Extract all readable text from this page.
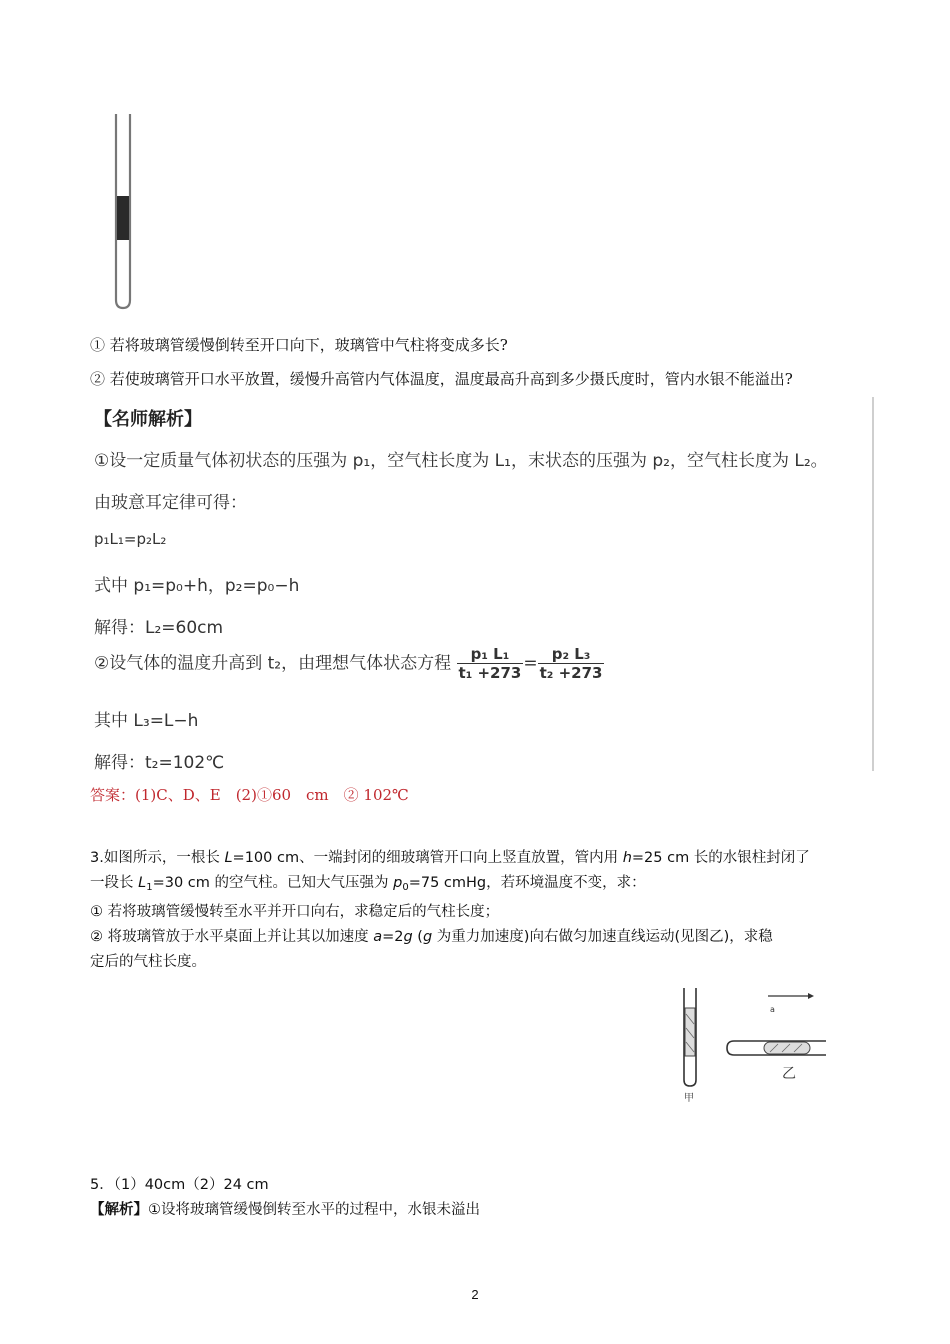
① 若将玻璃管缓慢倒转至开口向下，玻璃管中气柱将变成多长?
② 若使玻璃管开口水平放置，缓慢升高管内气体温度，温度最高升高到多少摄氏度时，管内水银不能溢出?
【名师解析】
①设一定质量气体初状态的压强为 p₁，空气柱长度为 L₁，末状态的压强为 p₂，空气柱长度为 L₂。
由玻意耳定律可得：
p₁L₁=p₂L₂
式中 p₁=p₀+h，p₂=p₀−h
解得：L₂=60cm
②设气体的温度升高到 t₂，由理想气体状态方程 $\frac{\text{p₁ L₁}}{\text{t₁ +273}} = \frac{\text{p₂ L₃}}{\text{t₂ +273}}$
其中 L₃=L−h
解得：t₂=102℃
答案：(1)C、D、E　(2)①60　cm　② 102℃
3.如图所示，一根长 L=100 cm、一端封闭的细玻璃管开口向上竖直放置，管内用 h=25 cm 长的水银柱封闭了
一段长 $L_1=30$ cm 的空气柱。已知大气压强为 $p_0=75$ cmHg，若环境温度不变，求：
① 若将玻璃管缓慢转至水平并开口向右，求稳定后的气柱长度；
② 将玻璃管放于水平桌面上并让其以加速度 a=2g (g 为重力加速度)向右做匀加速直线运动(见图乙)，求稳
定后的气柱长度。
甲
a
乙
5．（1）40cm（2）24 cm
【解析】①设将玻璃管缓慢倒转至水平的过程中，水银未溢出
2
